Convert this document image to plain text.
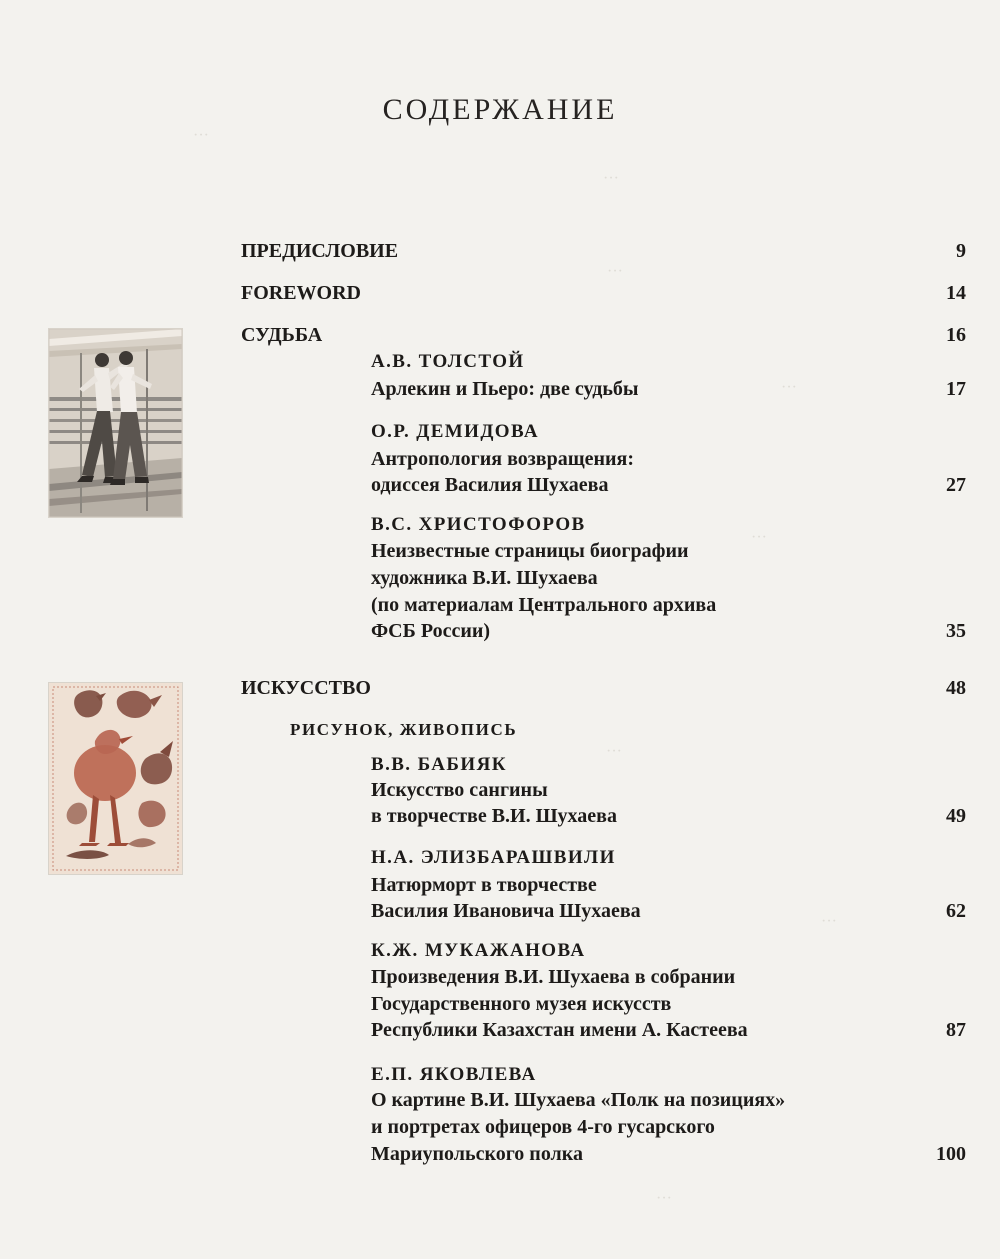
···
···
···
···
···
···
···
···
СОДЕРЖАНИЕ
ПРЕДИСЛОВИЕ	9
FOREWORD	14
СУДЬБА	16
А.В. ТОЛСТОЙ
Арлекин и Пьеро: две судьбы	17
О.Р. ДЕМИДОВА
Антропология возвращения:
одиссея Василия Шухаева	27
В.С. ХРИСТОФОРОВ
Неизвестные страницы биографии
художника В.И. Шухаева
(по материалам Центрального архива
ФСБ России)	35
ИСКУССТВО	48
РИСУНОК, ЖИВОПИСЬ
В.В. БАБИЯК
Искусство сангины
в творчестве В.И. Шухаева	49
Н.А. ЭЛИЗБАРАШВИЛИ
Натюрморт в творчестве
Василия Ивановича Шухаева	62
К.Ж. МУКАЖАНОВА
Произведения В.И. Шухаева в собрании
Государственного музея искусств
Республики Казахстан имени А. Кастеева	87
Е.П. ЯКОВЛЕВА
О картине В.И. Шухаева «Полк на позициях»
и портретах офицеров 4-го гусарского
Мариупольского полка	100
